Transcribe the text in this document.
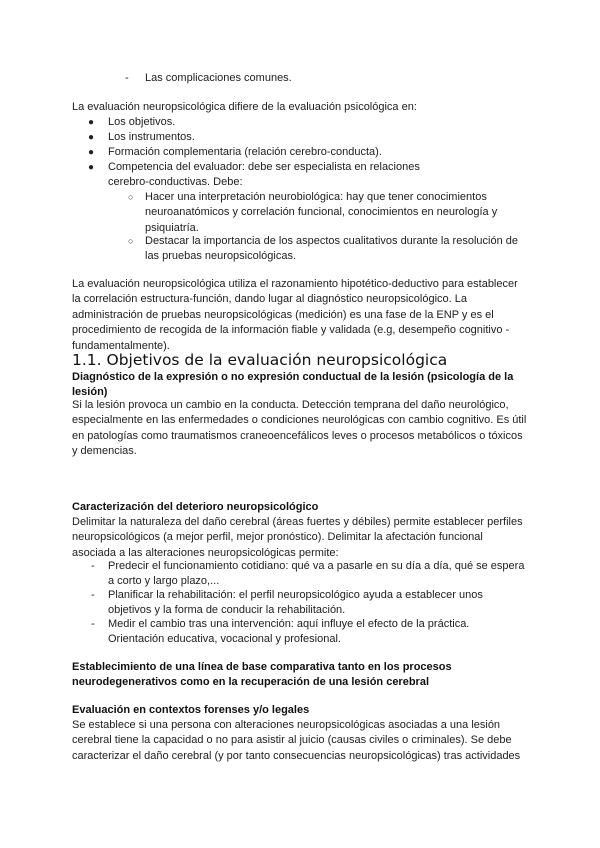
- Las complicaciones comunes.

La evaluación neuropsicológica difiere de la evaluación psicológica en:

● Los objetivos.
● Los instrumentos.
● Formación complementaria (relación cerebro-conducta).
● Competencia del evaluador: debe ser especialista en relaciones cerebro-conductivas. Debe:
○ Hacer una interpretación neurobiológica: hay que tener conocimientos neuroanatómicos y correlación funcional, conocimientos en neurología y psiquiatría.
○ Destacar la importancia de los aspectos cualitativos durante la resolución de las pruebas neuropsicológicas.

La evaluación neuropsicológica utiliza el razonamiento hipotético-deductivo para establecer la correlación estructura-función, dando lugar al diagnóstico neuropsicológico. La administración de pruebas neuropsicológicas (medición) es una fase de la ENP y es el procedimiento de recogida de la información fiable y validada (e.g, desempeño cognitivo - fundamentalmente).

1.1. Objetivos de la evaluación neuropsicológica

Diagnóstico de la expresión o no expresión conductual de la lesión (psicología de la lesión)

Si la lesión provoca un cambio en la conducta. Detección temprana del daño neurológico, especialmente en las enfermedades o condiciones neurológicas con cambio cognitivo. Es útil en patologías como traumatismos craneoencefálicos leves o procesos metabólicos o tóxicos y demencias.

Caracterización del deterioro neuropsicológico

Delimitar la naturaleza del daño cerebral (áreas fuertes y débiles) permite establecer perfiles neuropsicológicos (a mejor perfil, mejor pronóstico). Delimitar la afectación funcional asociada a las alteraciones neuropsicológicas permite:

- Predecir el funcionamiento cotidiano: qué va a pasarle en su día a día, qué se espera a corto y largo plazo,...
- Planificar la rehabilitación: el perfil neuropsicológico ayuda a establecer unos objetivos y la forma de conducir la rehabilitación.
- Medir el cambio tras una intervención: aquí influye el efecto de la práctica. Orientación educativa, vocacional y profesional.

Establecimiento de una línea de base comparativa tanto en los procesos neurodegenerativos como en la recuperación de una lesión cerebral

Evaluación en contextos forenses y/o legales

Se establece si una persona con alteraciones neuropsicológicas asociadas a una lesión cerebral tiene la capacidad o no para asistir al juicio (causas civiles o criminales). Se debe caracterizar el daño cerebral (y por tanto consecuencias neuropsicológicas) tras actividades
